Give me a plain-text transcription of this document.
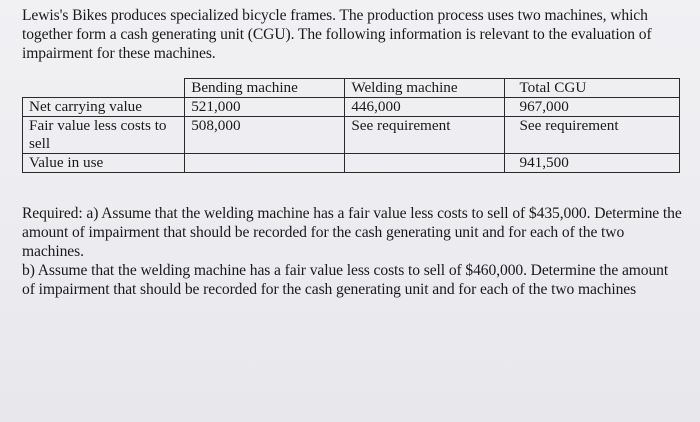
Lewis's Bikes produces specialized bicycle frames. The production process uses two machines, which together form a cash generating unit (CGU). The following information is relevant to the evaluation of impairment for these machines.

	Bending machine	Welding machine	Total CGU
Net carrying value	521,000	446,000	967,000
Fair value less costs to sell	508,000	See requirement	See requirement
Value in use			941,500

Required: a) Assume that the welding machine has a fair value less costs to sell of $435,000. Determine the amount of impairment that should be recorded for the cash generating unit and for each of the two machines.

b) Assume that the welding machine has a fair value less costs to sell of $460,000. Determine the amount of impairment that should be recorded for the cash generating unit and for each of the two machines
